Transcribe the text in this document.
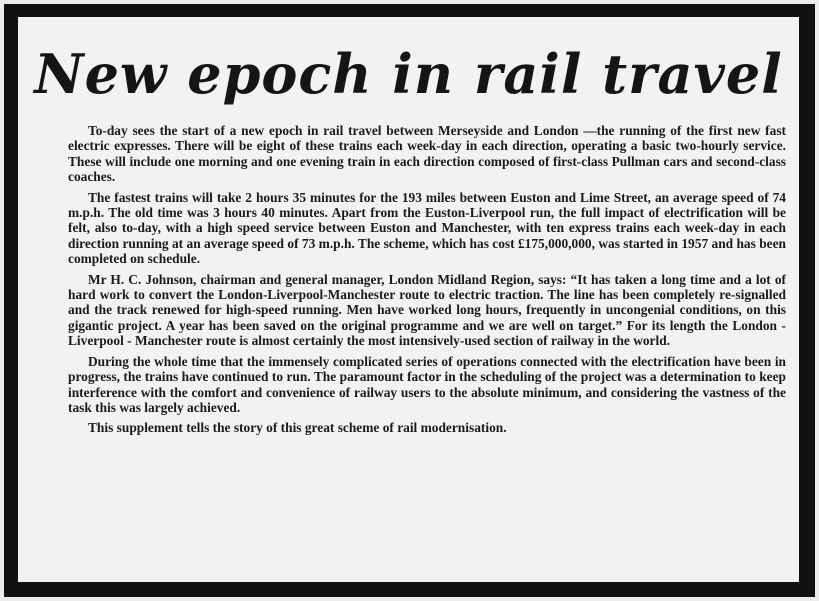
New epoch in rail travel

To-day sees the start of a new epoch in rail travel between Merseyside and London —the running of the first new fast electric expresses. There will be eight of these trains each week-day in each direction, operating a basic two-hourly service. These will include one morning and one evening train in each direction composed of first-class Pullman cars and second-class coaches.

The fastest trains will take 2 hours 35 minutes for the 193 miles between Euston and Lime Street, an average speed of 74 m.p.h. The old time was 3 hours 40 minutes. Apart from the Euston-Liverpool run, the full impact of electrification will be felt, also to-day, with a high speed service between Euston and Manchester, with ten express trains each week-day in each direction running at an average speed of 73 m.p.h. The scheme, which has cost £175,000,000, was started in 1957 and has been completed on schedule.

Mr H. C. Johnson, chairman and general manager, London Midland Region, says: “It has taken a long time and a lot of hard work to convert the London-Liverpool-Manchester route to electric traction. The line has been completely re-signalled and the track renewed for high-speed running. Men have worked long hours, frequently in uncongenial conditions, on this gigantic project. A year has been saved on the original programme and we are well on target.” For its length the London - Liverpool - Manchester route is almost certainly the most intensively-used section of railway in the world.

During the whole time that the immensely complicated series of operations connected with the electrification have been in progress, the trains have continued to run. The paramount factor in the scheduling of the project was a determination to keep interference with the comfort and convenience of railway users to the absolute minimum, and considering the vastness of the task this was largely achieved.

This supplement tells the story of this great scheme of rail modernisation.
